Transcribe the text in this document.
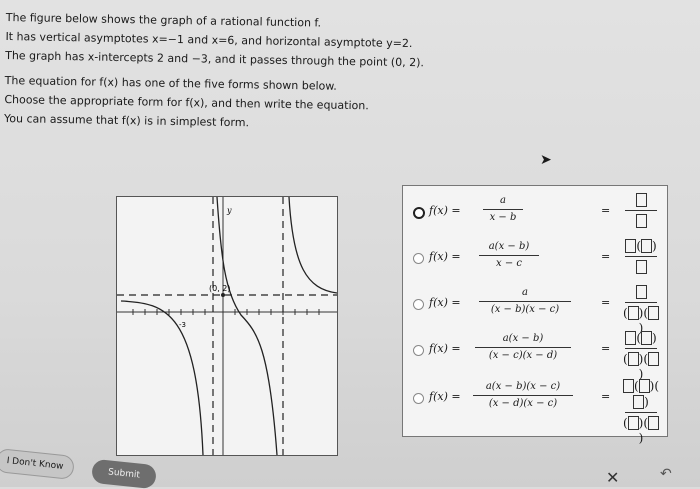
The figure below shows the graph of a rational function f.

It has vertical asymptotes x=−1 and x=6, and horizontal asymptote y=2.

The graph has x-intercepts 2 and −3, and it passes through the point (0, 2).

The equation for f(x) has one of the five forms shown below.

Choose the appropriate form for f(x), and then write the equation.

You can assume that f(x) is in simplest form.

➤
(0, 2)
-3
y	f(x) =
a
x − b
=
f(x) =
a(x − b)
x − c
=
( )
f(x) =
a
(x − b)(x − c)
=
( )()
f(x) =
a(x − b)
(x − c)(x − d)
=
( )
( )()
f(x) =
a(x − b)(x − c)
(x − d)(x − c)
=
( )()
( )()
I Don't Know
Submit	✕	↶
